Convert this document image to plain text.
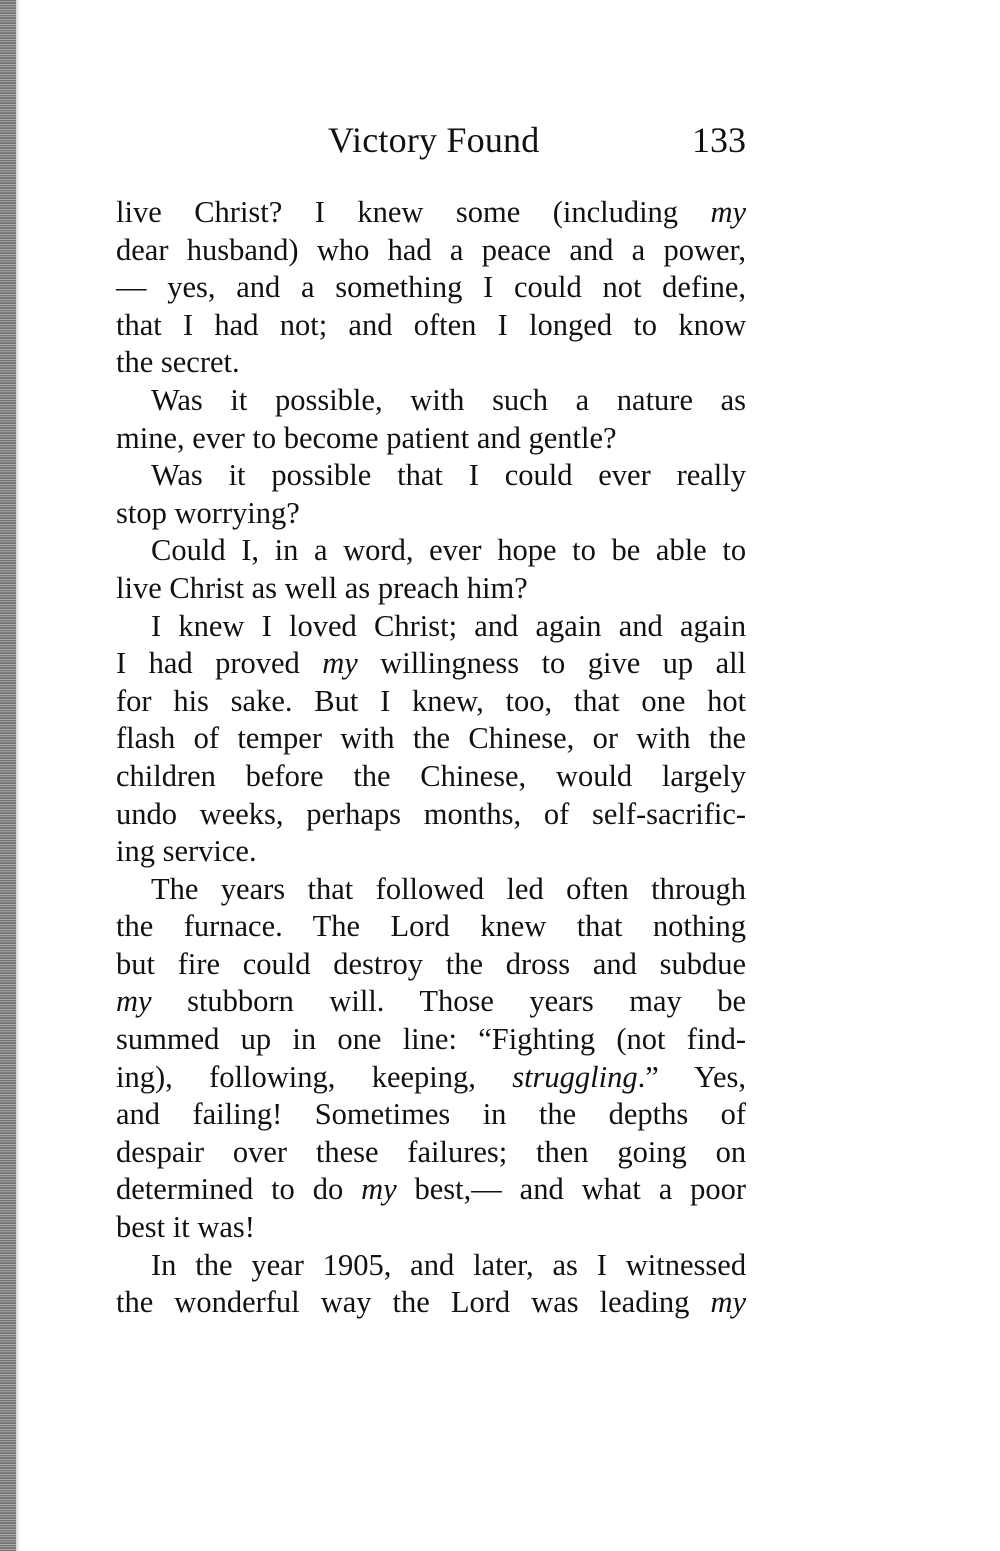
Victory Found	133
live Christ? I knew some (including my
dear husband) who had a peace and a power,
— yes, and a something I could not define,
that I had not; and often I longed to know
the secret.
Was it possible, with such a nature as
mine, ever to become patient and gentle?
Was it possible that I could ever really
stop worrying?
Could I, in a word, ever hope to be able to
live Christ as well as preach him?
I knew I loved Christ; and again and again
I had proved my willingness to give up all
for his sake. But I knew, too, that one hot
flash of temper with the Chinese, or with the
children before the Chinese, would largely
undo weeks, perhaps months, of self-sacrific-
ing service.
The years that followed led often through
the furnace. The Lord knew that nothing
but fire could destroy the dross and subdue
my stubborn will. Those years may be
summed up in one line: “Fighting (not find-
ing), following, keeping, struggling.” Yes,
and failing! Sometimes in the depths of
despair over these failures; then going on
determined to do my best,— and what a poor
best it was!
In the year 1905, and later, as I witnessed
the wonderful way the Lord was leading my
